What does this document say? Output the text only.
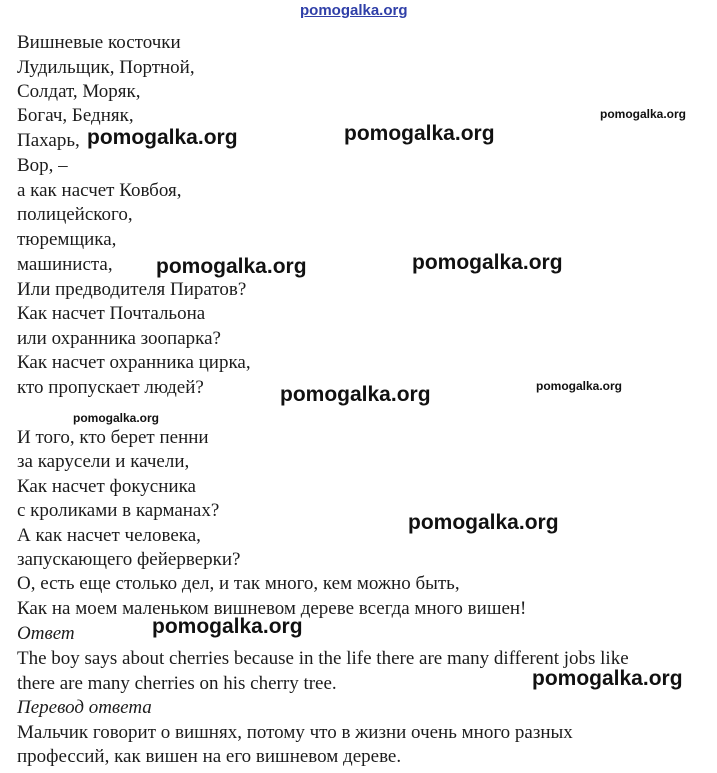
pomogalka.org
Вишневые косточки
Лудильщик, Портной,
Солдат, Моряк,
Богач, Бедняк,
Пахарь,
Вор, –
а как насчет Ковбоя,
полицейского,
тюремщика,
машиниста,
Или предводителя Пиратов?
Как насчет Почтальона
или охранника зоопарка?
Как насчет охранника цирка,
кто пропускает людей?
И того, кто берет пенни
за карусели и качели,
Как насчет фокусника
с кроликами в карманах?
А как насчет человека,
запускающего фейерверки?
О, есть еще столько дел, и так много, кем можно быть,
Как на моем маленьком вишневом дереве всегда много вишен!
Ответ
The boy says about cherries because in the life there are many different jobs like
there are many cherries on his cherry tree.
Перевод ответа
Мальчик говорит о вишнях, потому что в жизни очень много разных
профессий, как вишен на его вишневом дереве.
pomogalka.org	pomogalka.org
pomogalka.org
pomogalka.org	pomogalka.org
pomogalka.org	pomogalka.org
pomogalka.org
pomogalka.org
pomogalka.org
pomogalka.org
